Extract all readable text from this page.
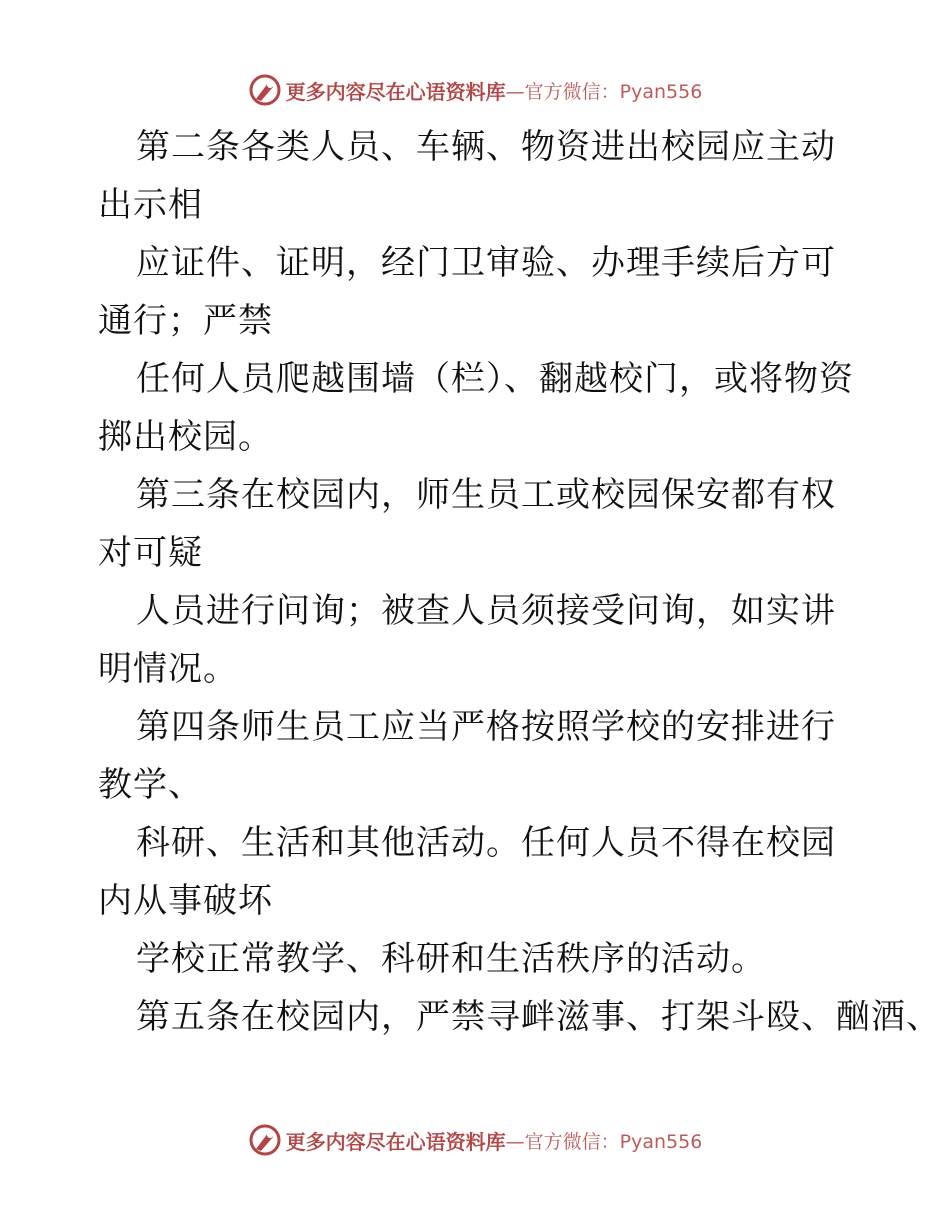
更多内容尽在心语资料库 —官方微信：Pyan556
第二条各类人员、车辆、物资进出校园应主动
出示相
应证件、证明，经门卫审验、办理手续后方可
通行；严禁
任何人员爬越围墙（栏）、翻越校门，或将物资
掷出校园。
第三条在校园内，师生员工或校园保安都有权
对可疑
人员进行问询；被查人员须接受问询，如实讲
明情况。
第四条师生员工应当严格按照学校的安排进行
教学、
科研、生活和其他活动。任何人员不得在校园
内从事破坏
学校正常教学、科研和生活秩序的活动。
第五条在校园内，严禁寻衅滋事、打架斗殴、酗酒、
更多内容尽在心语资料库 —官方微信：Pyan556
